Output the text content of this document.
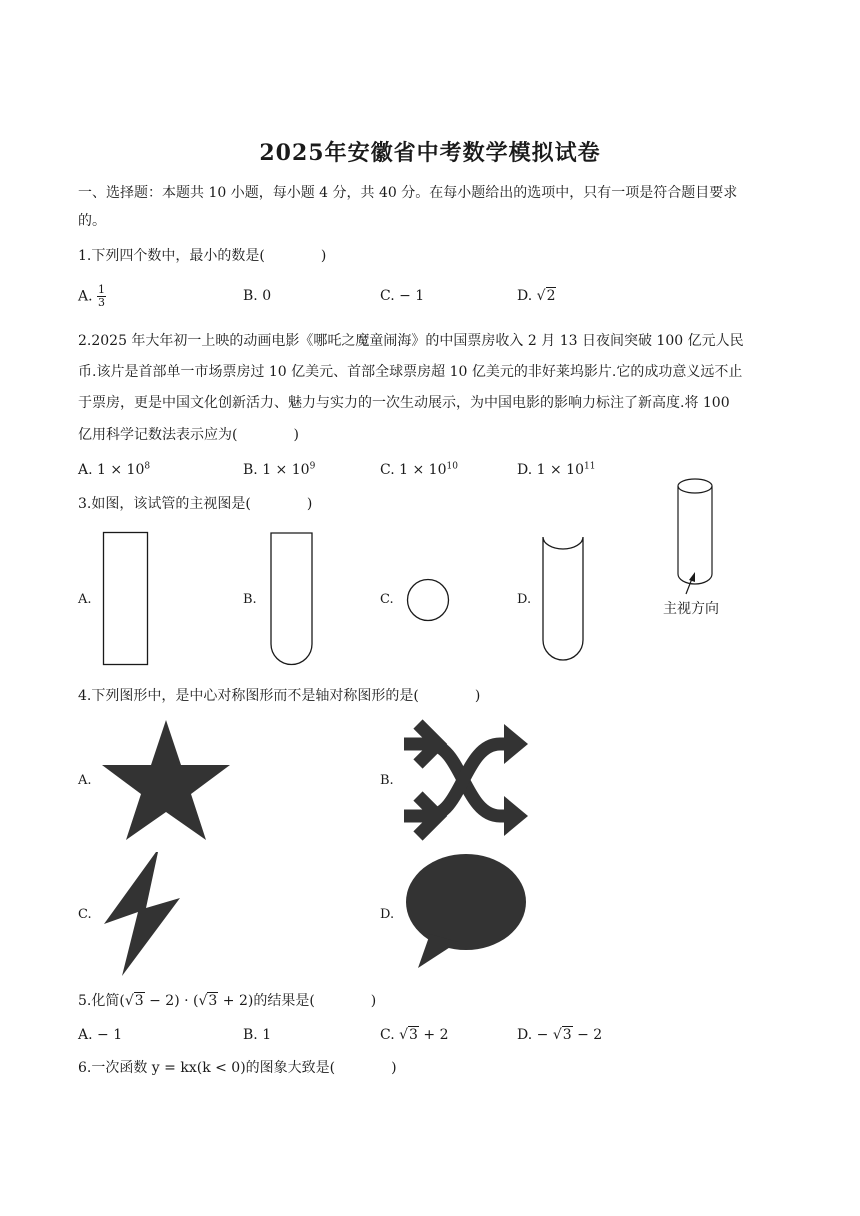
2025年安徽省中考数学模拟试卷
一、选择题：本题共 10 小题，每小题 4 分，共 40 分。在每小题给出的选项中，只有一项是符合题目要求
的。
1.下列四个数中，最小的数是(　　　　)
A. $\frac{1}{3}$	B. 0	C. − 1	D. √2
2.2025 年大年初一上映的动画电影《哪吒之魔童闹海》的中国票房收入 2 月 13 日夜间突破 100 亿元人民
币.该片是首部单一市场票房过 10 亿美元、首部全球票房超 10 亿美元的非好莱坞影片.它的成功意义远不止
于票房，更是中国文化创新活力、魅力与实力的一次生动展示，为中国电影的影响力标注了新高度.将 100
亿用科学记数法表示应为(　　　　)
A. $1 \times 10^8$	B. $1 \times 10^9$	C. $1 \times 10^{10}$	D. $1 \times 10^{11}$
3.如图，该试管的主视图是(　　　　)
A.	B.	C.	D.
主视方向
4.下列图形中，是中心对称图形而不是轴对称图形的是(　　　　)
A.	B.
C.	D.
5.化简(√3 − 2) · (√3 + 2)的结果是(　　　　)
A. − 1	B. 1	C. √3 + 2	D. − √3 − 2
6.一次函数 y = kx(k < 0)的图象大致是(　　　　)
